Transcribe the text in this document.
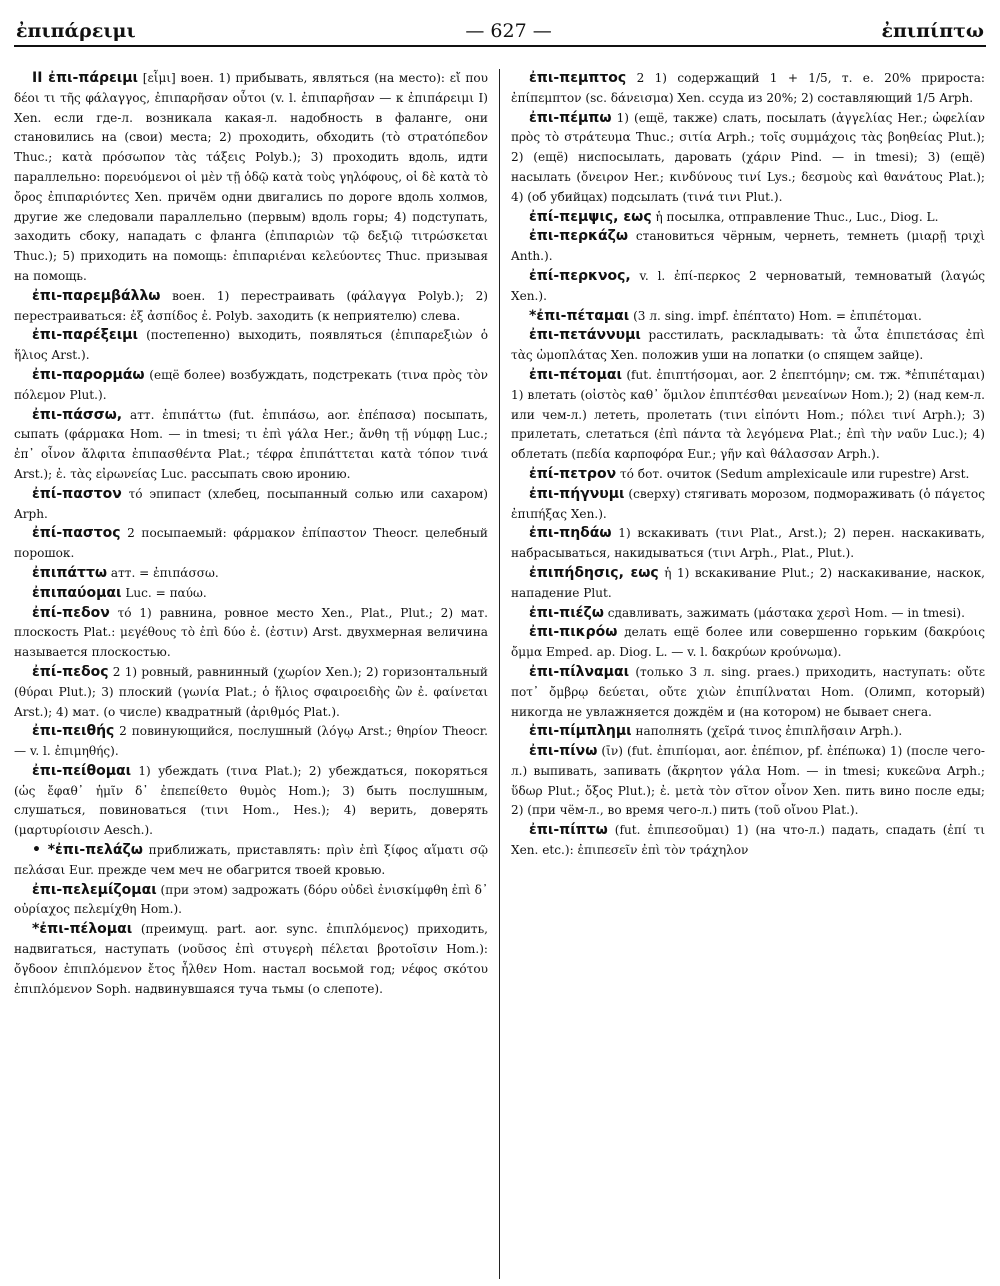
ἐπιπάρειμι	— 627 —	ἐπιπίπτω

II ἐπι-πάρειμι [εἶμι] воен. 1) прибывать, являться (на место): εἴ που δέοι τι τῆς φάλαγγος, ἐπιπαρῆσαν οὗτοι (v. l. ἐπιπαρῆσαν — к ἐπιπάρειμι I) Xen. если где-л. возникала какая-л. надобность в фаланге, они становились на (свои) места; 2) проходить, обходить (τὸ στρατόπεδον Thuc.; κατὰ πρόσωπον τὰς τάξεις Polyb.); 3) проходить вдоль, идти параллельно: πορευόμενοι οἱ μὲν τῇ ὁδῷ κατὰ τοὺς γηλόφους, οἱ δὲ κατὰ τὸ ὄρος ἐπιπαριόντες Xen. причём одни двигались по дороге вдоль холмов, другие же следовали параллельно (первым) вдоль горы; 4) подступать, заходить сбоку, нападать с фланга (ἐπιπαριὼν τῷ δεξιῷ τιτρώσκεται Thuc.); 5) приходить на помощь: ἐπιπαριέναι κελεύοντες Thuc. призывая на помощь.

ἐπι-παρεμβάλλω воен. 1) перестраивать (φάλαγγα Polyb.); 2) перестраиваться: ἐξ ἀσπίδος ἐ. Polyb. заходить (к неприятелю) слева.

ἐπι-παρέξειμι (постепенно) выходить, появляться (ἐπιπαρεξιὼν ὁ ἥλιος Arst.).

ἐπι-παρορμάω (ещё более) возбуждать, подстрекать (τινα πρὸς τὸν πόλεμον Plut.).

ἐπι-πάσσω, атт. ἐπιπάττω (fut. ἐπιπάσω, aor. ἐπέπασα) посыпать, сыпать (φάρμακα Hom. — in tmesi; τι ἐπὶ γάλα Her.; ἄνθη τῇ νύμφῃ Luc.; ἐπ᾽ οἶνον ἄλφιτα ἐπιπασθέντα Plat.; τέφρα ἐπιπάττεται κατὰ τόπον τινά Arst.); ἐ. τὰς εἰρωνείας Luc. рассыпать свою иронию.

ἐπί-παστον τό эпипаст (хлебец, посыпанный солью или сахаром) Arph.

ἐπί-παστος 2 посыпаемый: φάρμακον ἐπίπαστον Theocr. целебный порошок.

ἐπιπάττω атт. = ἐπιπάσσω.

ἐπιπαύομαι Luc. = παύω.

ἐπί-πεδον τό 1) равнина, ровное место Xen., Plat., Plut.; 2) мат. плоскость Plat.: μεγέθους τὸ ἐπὶ δύο ἐ. (ἐστιν) Arst. двухмерная величина называется плоскостью.

ἐπί-πεδος 2 1) ровный, равнинный (χωρίον Xen.); 2) горизонтальный (θύραι Plut.); 3) плоский (γωνία Plat.; ὁ ἥλιος σφαιροειδὴς ὢν ἐ. φαίνεται Arst.); 4) мат. (о числе) квадратный (ἀριθμός Plat.).

ἐπι-πειθής 2 повинующийся, послушный (λόγῳ Arst.; θηρίον Theocr. — v. l. ἐπιμηθής).

ἐπι-πείθομαι 1) убеждать (τινα Plat.); 2) убеждаться, покоряться (ὡς ἔφαθ᾽ ἡμῖν δ᾽ ἐπεπείθετο θυμὸς Hom.); 3) быть послушным, слушаться, повиноваться (τινι Hom., Hes.); 4) верить, доверять (μαρτυρίοισιν Aesch.).

• *ἐπι-πελάζω приближать, приставлять: πρὶν ἐπὶ ξίφος αἵματι σῷ πελάσαι Eur. прежде чем меч не обагрится твоей кровью.

ἐπι-πελεμίζομαι (при этом) задрожать (δόρυ οὐδεὶ ἐνισκίμφθη ἐπὶ δ᾽ οὐρίαχος πελεμίχθη Hom.).

*ἐπι-πέλομαι (преимущ. part. aor. sync. ἐπιπλόμενος) приходить, надвигаться, наступать (νοῦσος ἐπὶ στυγερὴ πέλεται βροτοῖσιν Hom.): ὄγδοον ἐπιπλόμενον ἔτος ἦλθεν Hom. настал восьмой год; νέφος σκότου ἐπιπλόμενον Soph. надвинувшаяся туча тьмы (о слепоте).

ἐπι-πεμπτος 2 1) содержащий 1 + 1/5, т. е. 20% прироста: ἐπίπεμπτον (sc. δάνεισμα) Xen. ссуда из 20%; 2) составляющий 1/5 Arph.

ἐπι-πέμπω 1) (ещё, также) слать, посылать (ἀγγελίας Her.; ὠφελίαν πρὸς τὸ στράτευμα Thuc.; σιτία Arph.; τοῖς συμμάχοις τὰς βοηθείας Plut.); 2) (ещё) ниспосылать, даровать (χάριν Pind. — in tmesi); 3) (ещё) насылать (ὄνειρον Her.; κινδύνους τινί Lys.; δεσμοὺς καὶ θανάτους Plat.); 4) (об убийцах) подсылать (τινά τινι Plut.).

ἐπί-πεμψις, εως ἡ посылка, отправление Thuc., Luc., Diog. L.

ἐπι-περκάζω становиться чёрным, чернеть, темнеть (μιαρῇ τριχὶ Anth.).

ἐπί-περκνος, v. l. ἐπί-περκος 2 черноватый, темноватый (λαγώς Xen.).

*ἐπι-πέταμαι (3 л. sing. impf. ἐπέπτατο) Hom. = ἐπιπέτομαι.

ἐπι-πετάννυμι расстилать, раскладывать: τὰ ὦτα ἐπιπετάσας ἐπὶ τὰς ὠμοπλάτας Xen. положив уши на лопатки (о спящем зайце).

ἐπι-πέτομαι (fut. ἐπιπτήσομαι, aor. 2 ἐπεπτόμην; см. тж. *ἐπιπέταμαι) 1) влетать (οἰστὸς καθ᾽ ὅμιλον ἐπιπτέσθαι μενεαίνων Hom.); 2) (над кем-л. или чем-л.) лететь, пролетать (τινι εἰπόντι Hom.; πόλει τινί Arph.); 3) прилетать, слетаться (ἐπὶ πάντα τὰ λεγόμενα Plat.; ἐπὶ τὴν ναῦν Luc.); 4) облетать (πεδία καρποφόρα Eur.; γῆν καὶ θάλασσαν Arph.).

ἐπί-πετρον τό бот. очиток (Sedum amplexicaule или rupestre) Arst.

ἐπι-πήγνυμι (сверху) стягивать морозом, подмораживать (ὁ πάγετος ἐπιπήξας Xen.).

ἐπι-πηδάω 1) вскакивать (τινι Plat., Arst.); 2) перен. наскакивать, набрасываться, накидываться (τινι Arph., Plat., Plut.).

ἐπιπήδησις, εως ἡ 1) вскакивание Plut.; 2) наскакивание, наскок, нападение Plut.

ἐπι-πιέζω сдавливать, зажимать (μάστακα χερσὶ Hom. — in tmesi).

ἐπι-πικρόω делать ещё более или совершенно горьким (δακρύοις ὄμμα Emped. ap. Diog. L. — v. l. δακρύων κρούνωμα).

ἐπι-πίλναμαι (только 3 л. sing. praes.) приходить, наступать: οὔτε ποτ᾽ ὄμβρῳ δεύεται, οὔτε χιὼν ἐπιπίλναται Hom. (Олимп, который) никогда не увлажняется дождём и (на котором) не бывает снега.

ἐπι-πίμπλημι наполнять (χεῖρά τινος ἐπιπλῆσαιν Arph.).

ἐπι-πίνω (ῑν) (fut. ἐπιπίομαι, aor. ἐπέπιον, pf. ἐπέπωκα) 1) (после чего-л.) выпивать, запивать (ἄκρητον γάλα Hom. — in tmesi; κυκεῶνα Arph.; ὕδωρ Plut.; ὄξος Plut.); ἐ. μετὰ τὸν σῖτον οἶνον Xen. пить вино после еды; 2) (при чём-л., во время чего-л.) пить (τοῦ οἴνου Plat.).

ἐπι-πίπτω (fut. ἐπιπεσοῦμαι) 1) (на что-л.) падать, спадать (ἐπί τι Xen. etc.): ἐπιπεσεῖν ἐπὶ τὸν τράχηλον
